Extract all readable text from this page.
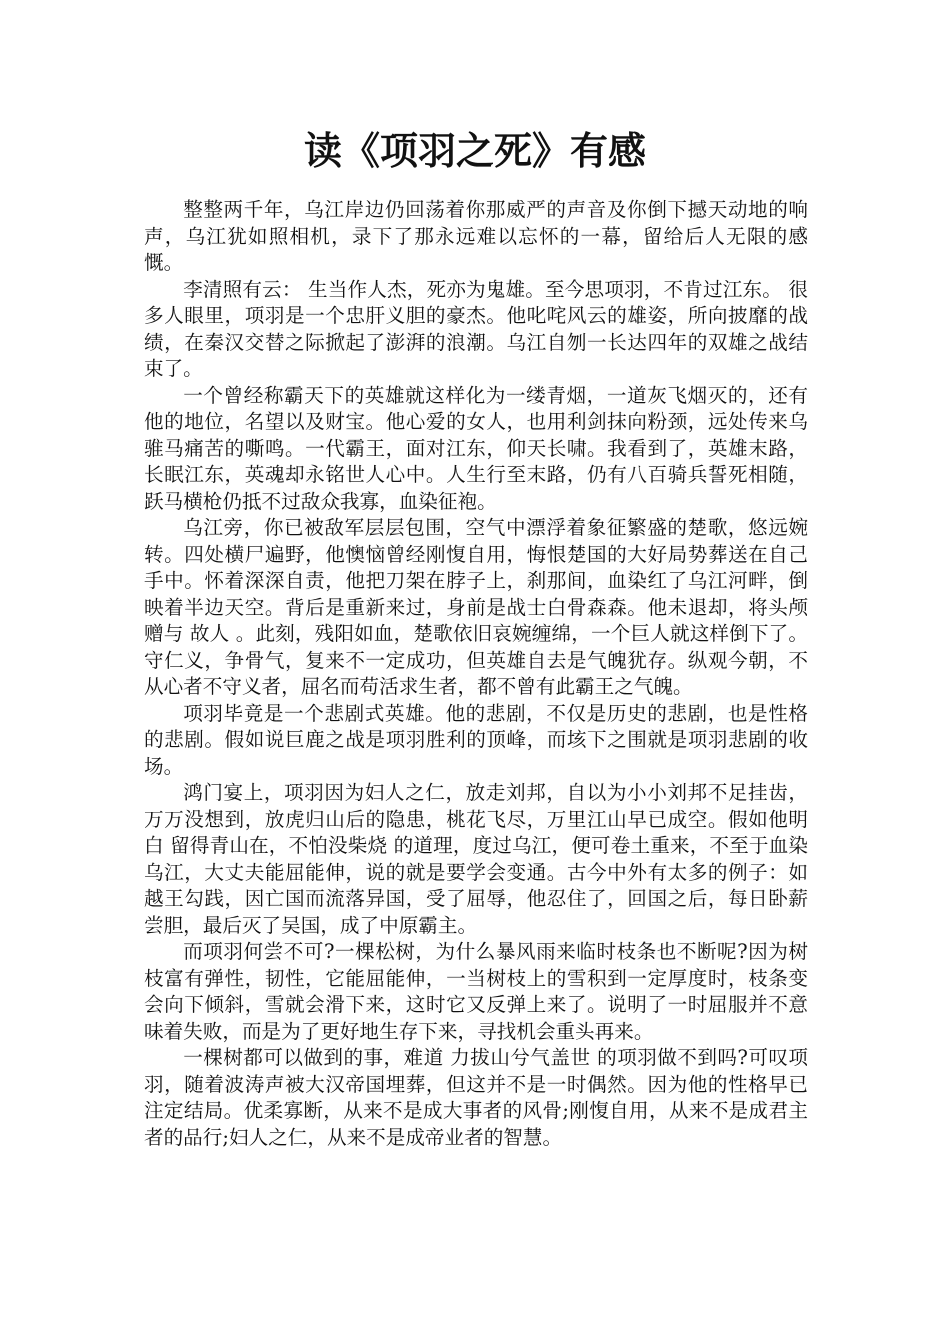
读《项羽之死》有感

整整两千年，乌江岸边仍回荡着你那威严的声音及你倒下撼天动地的响声，乌江犹如照相机，录下了那永远难以忘怀的一幕，留给后人无限的感慨。

李清照有云： 生当作人杰，死亦为鬼雄。至今思项羽，不肯过江东。 很多人眼里，项羽是一个忠肝义胆的豪杰。他叱咤风云的雄姿，所向披靡的战绩，在秦汉交替之际掀起了澎湃的浪潮。乌江自刎一长达四年的双雄之战结束了。

一个曾经称霸天下的英雄就这样化为一缕青烟，一道灰飞烟灭的，还有他的地位，名望以及财宝。他心爱的女人，也用利剑抹向粉颈，远处传来乌骓马痛苦的嘶鸣。一代霸王，面对江东，仰天长啸。我看到了，英雄末路，长眠江东，英魂却永铭世人心中。人生行至末路，仍有八百骑兵誓死相随，跃马横枪仍抵不过敌众我寡，血染征袍。

乌江旁，你已被敌军层层包围，空气中漂浮着象征繁盛的楚歌，悠远婉转。四处横尸遍野，他懊恼曾经刚愎自用，悔恨楚国的大好局势葬送在自己手中。怀着深深自责，他把刀架在脖子上，刹那间，血染红了乌江河畔，倒映着半边天空。背后是重新来过，身前是战士白骨森森。他未退却，将头颅赠与 故人 。此刻，残阳如血，楚歌依旧哀婉缠绵，一个巨人就这样倒下了。守仁义，争骨气，复来不一定成功，但英雄自去是气魄犹存。纵观今朝，不从心者不守义者，屈名而苟活求生者，都不曾有此霸王之气魄。

项羽毕竟是一个悲剧式英雄。他的悲剧，不仅是历史的悲剧，也是性格的悲剧。假如说巨鹿之战是项羽胜利的顶峰，而垓下之围就是项羽悲剧的收场。

鸿门宴上，项羽因为妇人之仁，放走刘邦，自以为小小刘邦不足挂齿，万万没想到，放虎归山后的隐患，桃花飞尽，万里江山早已成空。假如他明白 留得青山在，不怕没柴烧 的道理，度过乌江，便可卷土重来，不至于血染乌江，大丈夫能屈能伸，说的就是要学会变通。古今中外有太多的例子：如越王勾践，因亡国而流落异国，受了屈辱，他忍住了，回国之后，每日卧薪尝胆，最后灭了吴国，成了中原霸主。

而项羽何尝不可?一棵松树，为什么暴风雨来临时枝条也不断呢?因为树枝富有弹性，韧性，它能屈能伸，一当树枝上的雪积到一定厚度时，枝条变会向下倾斜，雪就会滑下来，这时它又反弹上来了。说明了一时屈服并不意味着失败，而是为了更好地生存下来，寻找机会重头再来。

一棵树都可以做到的事，难道 力拔山兮气盖世 的项羽做不到吗?可叹项羽，随着波涛声被大汉帝国埋葬，但这并不是一时偶然。因为他的性格早已注定结局。优柔寡断，从来不是成大事者的风骨;刚愎自用，从来不是成君主者的品行;妇人之仁，从来不是成帝业者的智慧。
